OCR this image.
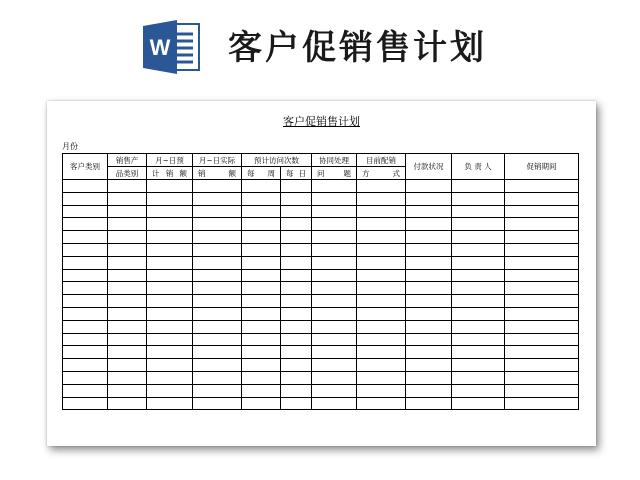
W 客户促销售计划
客户促销售计划
月份
客户类别	销售产	月~日预	月~日实际	预计访问次数		协同处理	目前配销	付款状况	负 责 人	促销期间
	品类别	计 销 额	销 额	每 周	每 日	问 题	方 式			
